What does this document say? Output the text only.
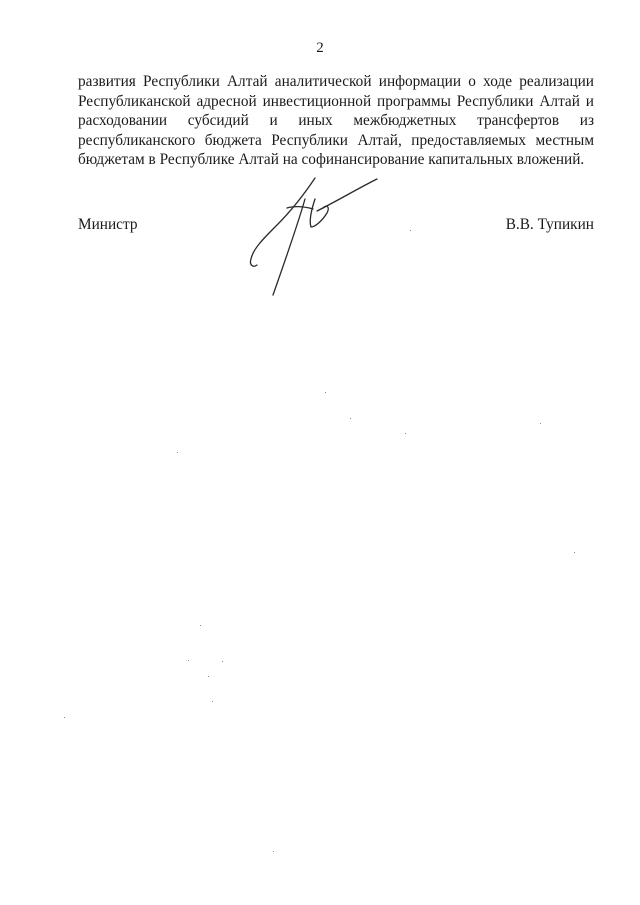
2
развития Республики Алтай аналитической информации о ходе реализации
Республиканской адресной инвестиционной программы Республики Алтай и
расходовании субсидий и иных межбюджетных трансфертов из
республиканского бюджета Республики Алтай, предоставляемых местным
бюджетам в Республике Алтай на софинансирование капитальных вложений.
Министр	В.В. Тупикин
